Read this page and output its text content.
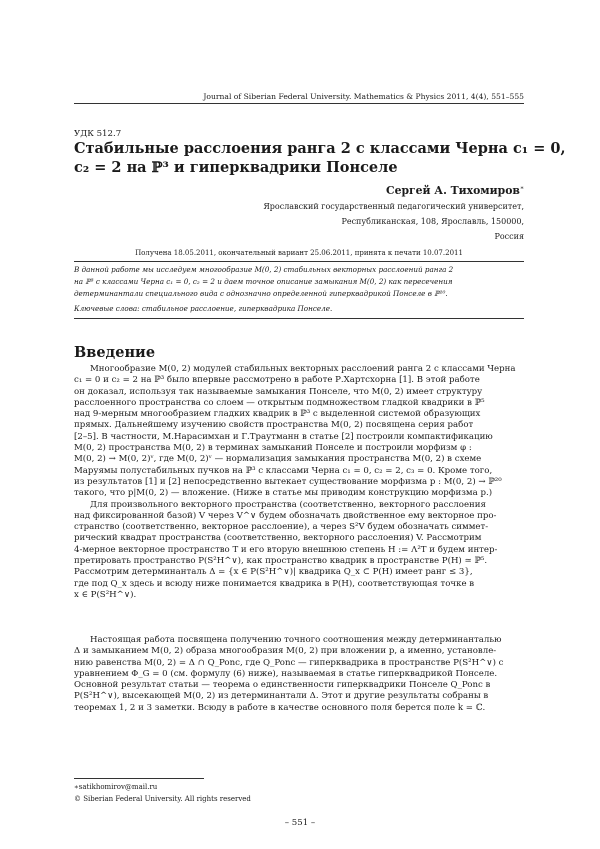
Journal of Siberian Federal University. Mathematics & Physics 2011, 4(4), 551–555
УДК 512.7
Стабильные расслоения ранга 2 с классами Черна c₁ = 0,
c₂ = 2 на ℙ³ и гиперквадрики Понселе
Сергей А. Тихомиров∗
Ярославский государственный педагогический университет,
Республиканская, 108, Ярославль, 150000,
Россия
Получена 18.05.2011, окончательный вариант 25.06.2011, принята к печати 10.07.2011
В данной работе мы исследуем многообразие M(0, 2) стабильных векторных расслоений ранга 2
на ℙ³ с классами Черна c₁ = 0, c₂ = 2 и даем точное описание замыкания M(0, 2) как пересечения
детерминантали специального вида с однозначно определенной гиперквадрикой Понселе в ℙ²⁰.
Ключевые слова: стабильное расслоение, гиперквадрика Понселе.
Введение
Многообразие M(0, 2) модулей стабильных векторных расслоений ранга 2 с классами Черна
c₁ = 0 и c₂ = 2 на ℙ³ было впервые рассмотрено в работе Р.Хартсхорна [1]. В этой работе
он доказал, используя так называемые замыкания Понселе, что M(0, 2) имеет структуру
расслоенного пространства со слоем — открытым подмножеством гладкой квадрики в ℙ⁵
над 9-мерным многообразием гладких квадрик в ℙ³ с выделенной системой образующих
прямых. Дальнейшему изучению свойств пространства M(0, 2) посвящена серия работ
[2–5]. В частности, М.Нарасимхан и Г.Траутманн в статье [2] построили компактификацию
M(0, 2) пространства M(0, 2) в терминах замыканий Понселе и построили морфизм φ :
M(0, 2) → M(0, 2)ᵛ, где M(0, 2)ᵛ — нормализация замыкания пространства M(0, 2) в схеме
Маруямы полустабильных пучков на ℙ³ с классами Черна c₁ = 0, c₂ = 2, c₃ = 0. Кроме того,
из результатов [1] и [2] непосредственно вытекает существование морфизма p : M(0, 2) → ℙ²⁰
такого, что p|M(0, 2) — вложение. (Ниже в статье мы приводим конструкцию морфизма p.)
Для произвольного векторного пространства (соответственно, векторного расслоения
над фиксированной базой) V через V^∨ будем обозначать двойственное ему векторное про-
странство (соответственно, векторное расслоение), а через S²V будем обозначать симмет-
рический квадрат пространства (соответственно, векторного расслоения) V. Рассмотрим
4-мерное векторное пространство T и его вторую внешнюю степень H := Λ²T и будем интер-
претировать пространство P(S²H^∨), как пространство квадрик в пространстве P(H) ≃ ℙ⁵.
Рассмотрим детерминанталь Δ = {x ∈ P(S²H^∨)| квадрика Q_x ⊂ P(H) имеет ранг ≤ 3},
где под Q_x здесь и всюду ниже понимается квадрика в P(H), соответствующая точке в
x ∈ P(S²H^∨).
Настоящая работа посвящена получению точного соотношения между детерминанталью
Δ и замыканием M(0, 2) образа многообразия M(0, 2) при вложении p, а именно, установле-
нию равенства M(0, 2) = Δ ∩ Q_Ponc, где Q_Ponc — гиперквадрика в пространстве P(S²H^∨) с
уравнением Φ_G = 0 (см. формулу (6) ниже), называемая в статье гиперквадрикой Понселе.
Основной результат статьи — теорема о единственности гиперквадрики Понселе Q_Ponc в
P(S²H^∨), высекающей M(0, 2) из детерминантали Δ. Этот и другие результаты собраны в
теоремах 1, 2 и 3 заметки. Всюду в работе в качестве основного поля берется поле k = ℂ.
∗satikhomirov@mail.ru
© Siberian Federal University. All rights reserved
– 551 –
